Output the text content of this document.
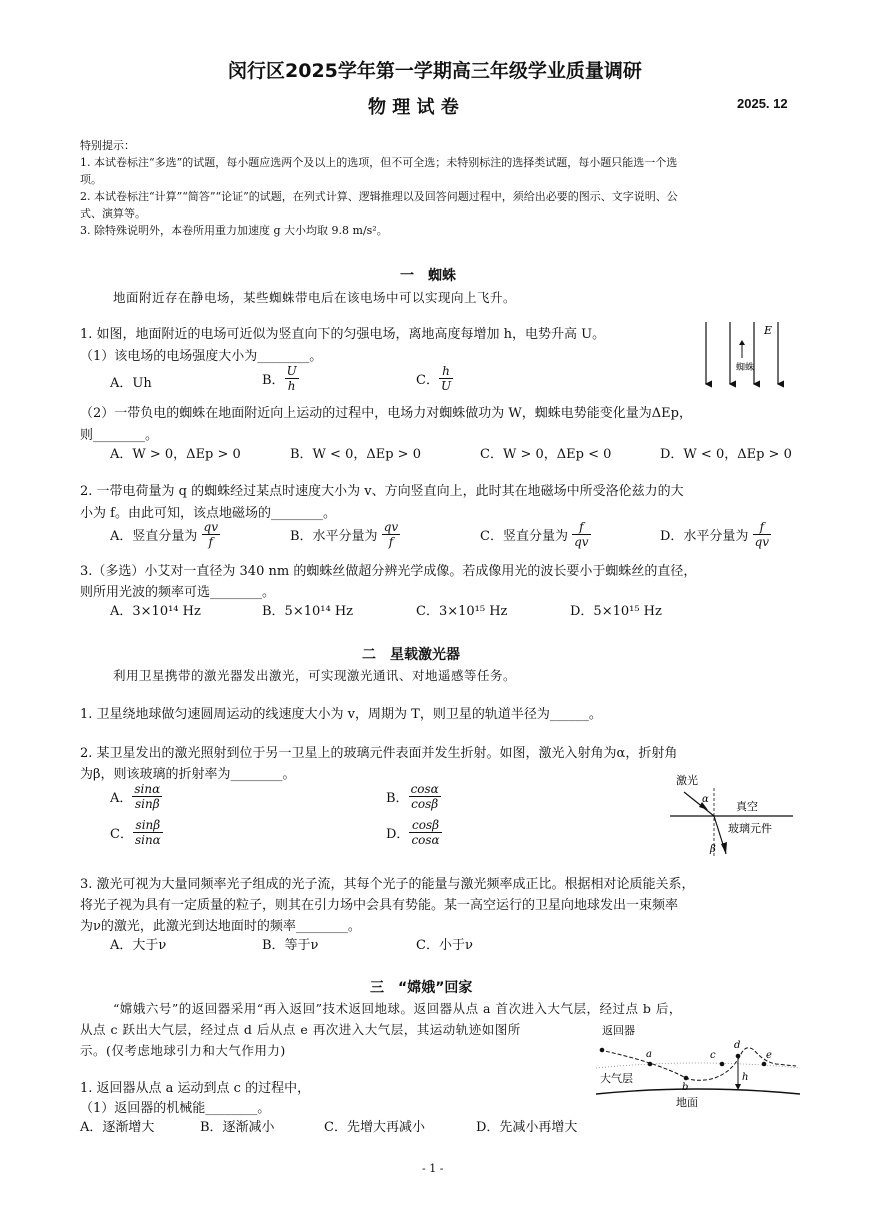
闵行区2025学年第一学期高三年级学业质量调研
物 理 试 卷	2025. 12
特别提示：
1. 本试卷标注“多选”的试题，每小题应选两个及以上的选项，但不可全选；未特别标注的选择类试题，每小题只能选一个选
项。
2. 本试卷标注“计算”“简答”“论证”的试题，在列式计算、逻辑推理以及回答问题过程中，须给出必要的图示、文字说明、公
式、演算等。
3. 除特殊说明外，本卷所用重力加速度 g 大小均取 9.8 m/s²。
一　蜘蛛
地面附近存在静电场，某些蜘蛛带电后在该电场中可以实现向上飞升。
1. 如图，地面附近的电场可近似为竖直向下的匀强电场，离地高度每增加 h，电势升高 U。
（1）该电场的电场强度大小为________。
A．Uh	B． $\frac{U}{h}$	C． $\frac{h}{U}$	蜘蛛
E
（2）一带负电的蜘蛛在地面附近向上运动的过程中，电场力对蜘蛛做功为 W，蜘蛛电势能变化量为ΔEp，
则________。
A．W > 0，ΔEp > 0	B．W < 0，ΔEp > 0	C．W > 0，ΔEp < 0	D．W < 0，ΔEp > 0
2. 一带电荷量为 q 的蜘蛛经过某点时速度大小为 v、方向竖直向上，此时其在地磁场中所受洛伦兹力的大
小为 f。由此可知，该点地磁场的________。
A．竖直分量为 $\frac{qv}{f}$	B．水平分量为 $\frac{qv}{f}$	C．竖直分量为 $\frac{f}{qv}$	D．水平分量为 $\frac{f}{qv}$
3.（多选）小艾对一直径为 340 nm 的蜘蛛丝做超分辨光学成像。若成像用光的波长要小于蜘蛛丝的直径，
则所用光波的频率可选________。
A．3×10¹⁴ Hz	B．5×10¹⁴ Hz	C．3×10¹⁵ Hz	D．5×10¹⁵ Hz
二　星载激光器
利用卫星携带的激光器发出激光，可实现激光通讯、对地遥感等任务。
1. 卫星绕地球做匀速圆周运动的线速度大小为 v，周期为 T，则卫星的轨道半径为______。
2. 某卫星发出的激光照射到位于另一卫星上的玻璃元件表面并发生折射。如图，激光入射角为α，折射角
为β，则该玻璃的折射率为________。
A． $\frac{\sin\alpha}{\sin\beta}$	B． $\frac{\cos\alpha}{\cos\beta}$
C． $\frac{\sin\beta}{\sin\alpha}$	D． $\frac{\cos\beta}{\cos\alpha}$
激光
α
β
真空
玻璃元件
3. 激光可视为大量同频率光子组成的光子流，其每个光子的能量与激光频率成正比。根据相对论质能关系，
将光子视为具有一定质量的粒子，则其在引力场中会具有势能。某一高空运行的卫星向地球发出一束频率
为ν的激光，此激光到达地面时的频率________。
A．大于ν	B．等于ν	C．小于ν
三　“嫦娥”回家
“嫦娥六号”的返回器采用“再入返回”技术返回地球。返回器从点 a 首次进入大气层，经过点 b 后，
从点 c 跃出大气层，经过点 d 后从点 e 再次进入大气层，其运动轨迹如图所
示。(仅考虑地球引力和大气作用力)
返回器
a
b
c
d
e
h
大气层
地面
1. 返回器从点 a 运动到点 c 的过程中，
（1）返回器的机械能________。
A．逐渐增大	B．逐渐减小	C．先增大再减小	D．先减小再增大
- 1 -
